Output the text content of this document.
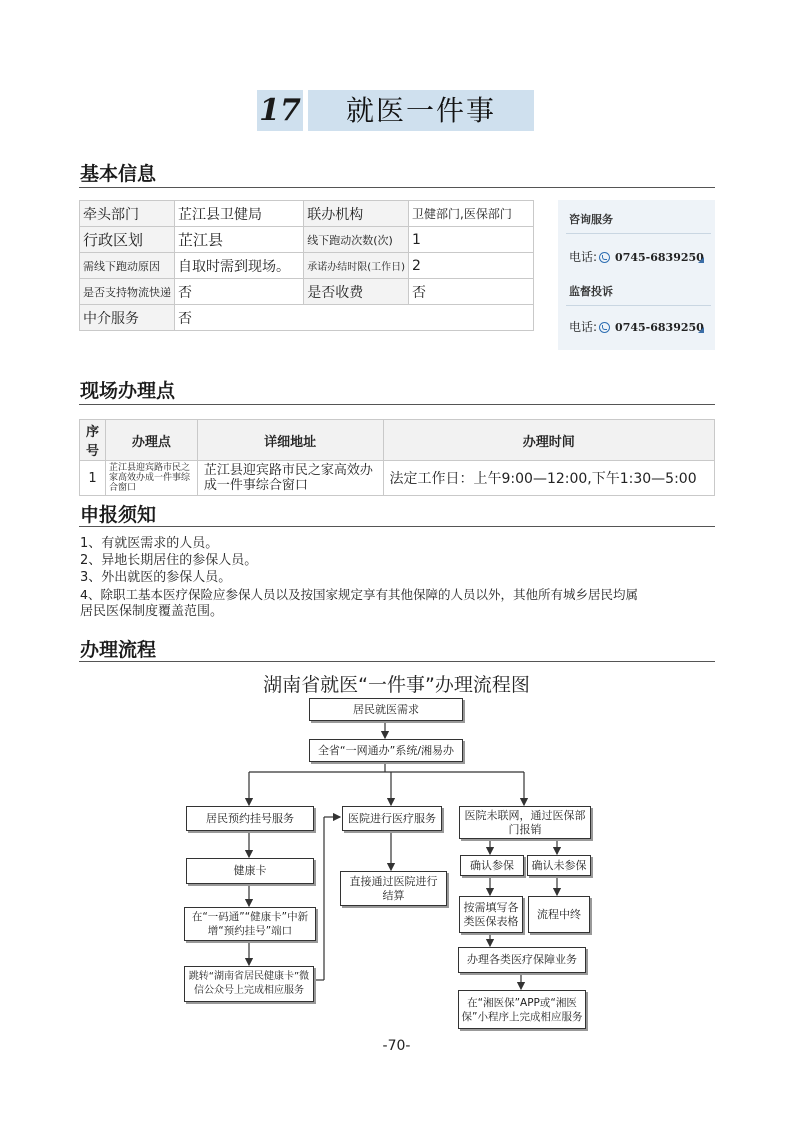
17	就医一件事
基本信息
牵头部门	芷江县卫健局	联办机构	卫健部门,医保部门
行政区划	芷江县	线下跑动次数(次)	1
需线下跑动原因	自取时需到现场。	承诺办结时限(工作日)	2
是否支持物流快递	否	是否收费	否
中介服务	否		
咨询服务
电话: 0745-6839250
监督投诉
电话: 0745-6839250
现场办理点
序号	办理点	详细地址	办理时间
1	芷江县迎宾路市民之家高效办成一件事综合窗口	芷江县迎宾路市民之家高效办成一件事综合窗口	法定工作日：上午9:00—12:00,下午1:30—5:00
申报须知
1、有就医需求的人员。
2、异地长期居住的参保人员。
3、外出就医的参保人员。
4、除职工基本医疗保险应参保人员以及按国家规定享有其他保障的人员以外，其他所有城乡居民均属
居民医保制度覆盖范围。
办理流程
湖南省就医“一件事”办理流程图
居民就医需求
全省“一网通办”系统/湘易办
居民预约挂号服务	医院进行医疗服务	医院未联网，通过医保部门报销
健康卡
直接通过医院进行结算
确认参保	确认未参保
在“一码通”“健康卡”中新增“预约挂号”端口
按需填写各类医保表格
流程中终
办理各类医疗保障业务
跳转“湖南省居民健康卡”微信公众号上完成相应服务
在“湘医保”APP或“湘医保”小程序上完成相应服务
-70-
